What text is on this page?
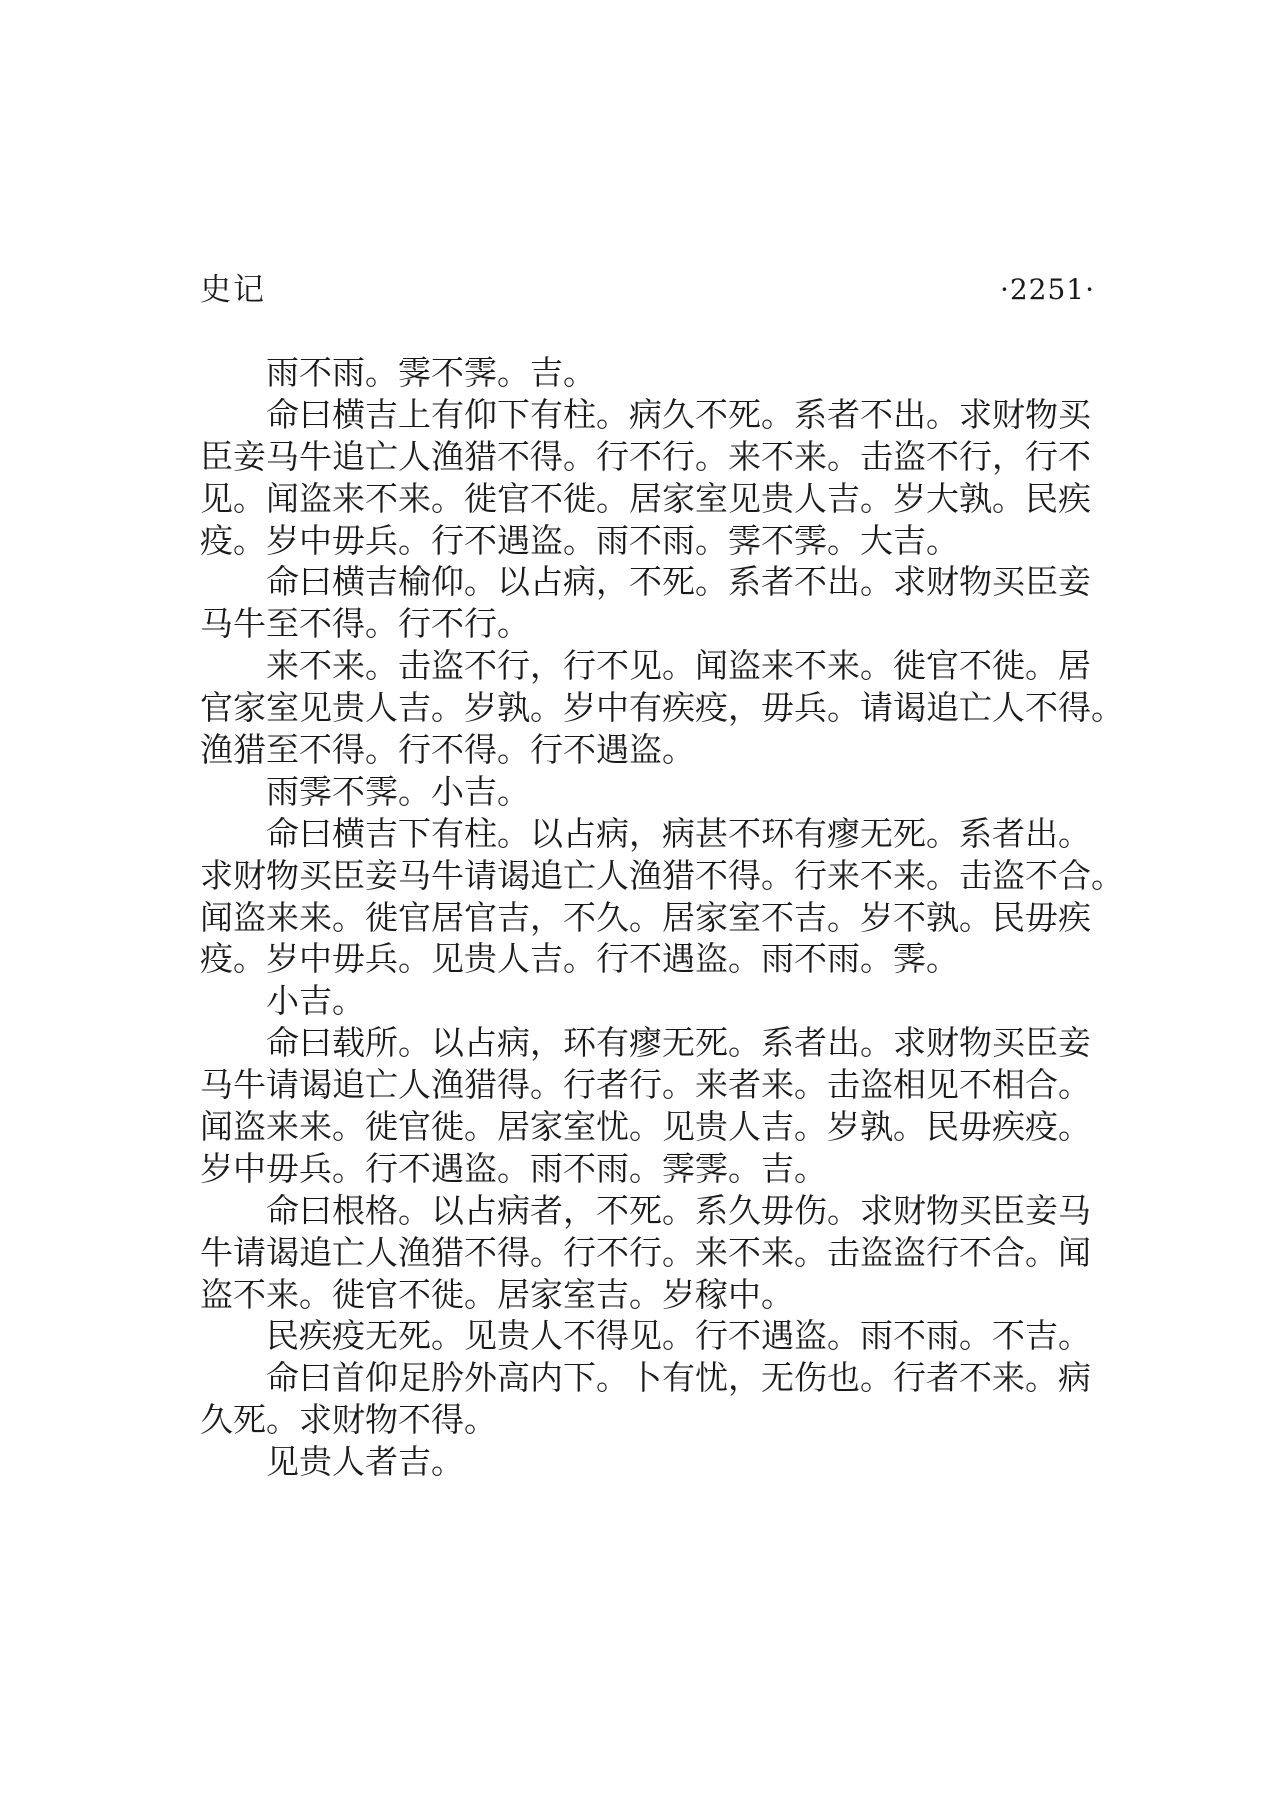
史记	·2251·
雨不雨。霁不霁。吉。
命曰横吉上有仰下有柱。病久不死。系者不出。求财物买
臣妾马牛追亡人渔猎不得。行不行。来不来。击盗不行，行不
见。闻盗来不来。徙官不徙。居家室见贵人吉。岁大孰。民疾
疫。岁中毋兵。行不遇盗。雨不雨。霁不霁。大吉。
命曰横吉榆仰。以占病，不死。系者不出。求财物买臣妾
马牛至不得。行不行。
来不来。击盗不行，行不见。闻盗来不来。徙官不徙。居
官家室见贵人吉。岁孰。岁中有疾疫，毋兵。请谒追亡人不得。
渔猎至不得。行不得。行不遇盗。
雨霁不霁。小吉。
命曰横吉下有柱。以占病，病甚不环有瘳无死。系者出。
求财物买臣妾马牛请谒追亡人渔猎不得。行来不来。击盗不合。
闻盗来来。徙官居官吉，不久。居家室不吉。岁不孰。民毋疾
疫。岁中毋兵。见贵人吉。行不遇盗。雨不雨。霁。
小吉。
命曰载所。以占病，环有瘳无死。系者出。求财物买臣妾
马牛请谒追亡人渔猎得。行者行。来者来。击盗相见不相合。
闻盗来来。徙官徙。居家室忧。见贵人吉。岁孰。民毋疾疫。
岁中毋兵。行不遇盗。雨不雨。霁霁。吉。
命曰根格。以占病者，不死。系久毋伤。求财物买臣妾马
牛请谒追亡人渔猎不得。行不行。来不来。击盗盗行不合。闻
盗不来。徙官不徙。居家室吉。岁稼中。
民疾疫无死。见贵人不得见。行不遇盗。雨不雨。不吉。
命曰首仰足肣外高内下。卜有忧，无伤也。行者不来。病
久死。求财物不得。
见贵人者吉。
